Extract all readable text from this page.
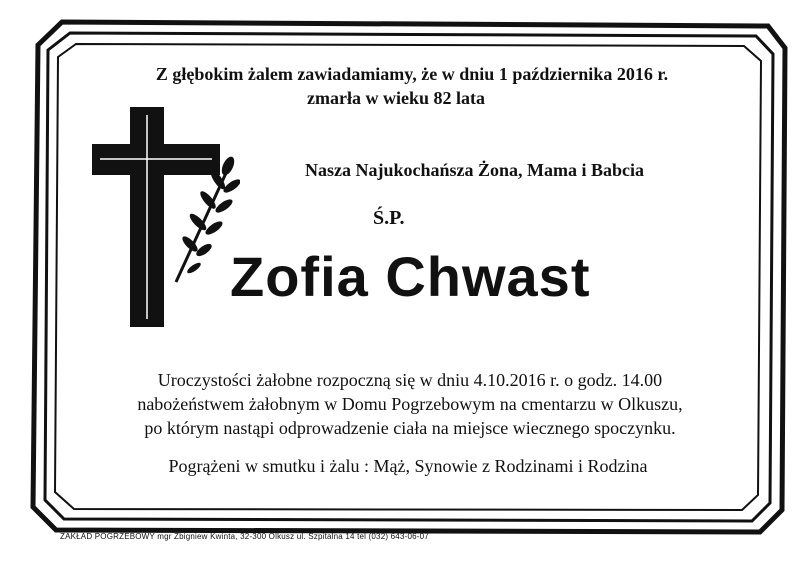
Z głębokim żalem zawiadamiamy, że w dniu 1 października 2016 r.
zmarła w wieku 82 lata
Nasza Najukochańsza Żona, Mama i Babcia
Ś.P.
Zofia Chwast
Uroczystości żałobne rozpoczną się w dniu 4.10.2016 r. o godz. 14.00
nabożeństwem żałobnym w Domu Pogrzebowym na cmentarzu w Olkuszu,
po którym nastąpi odprowadzenie ciała na miejsce wiecznego spoczynku.
Pogrążeni w smutku i żalu : Mąż, Synowie z Rodzinami i Rodzina
ZAKŁAD POGRZEBOWY mgr Zbigniew Kwinta, 32-300 Olkusz ul. Szpitalna 14 tel (032) 643-06-07
